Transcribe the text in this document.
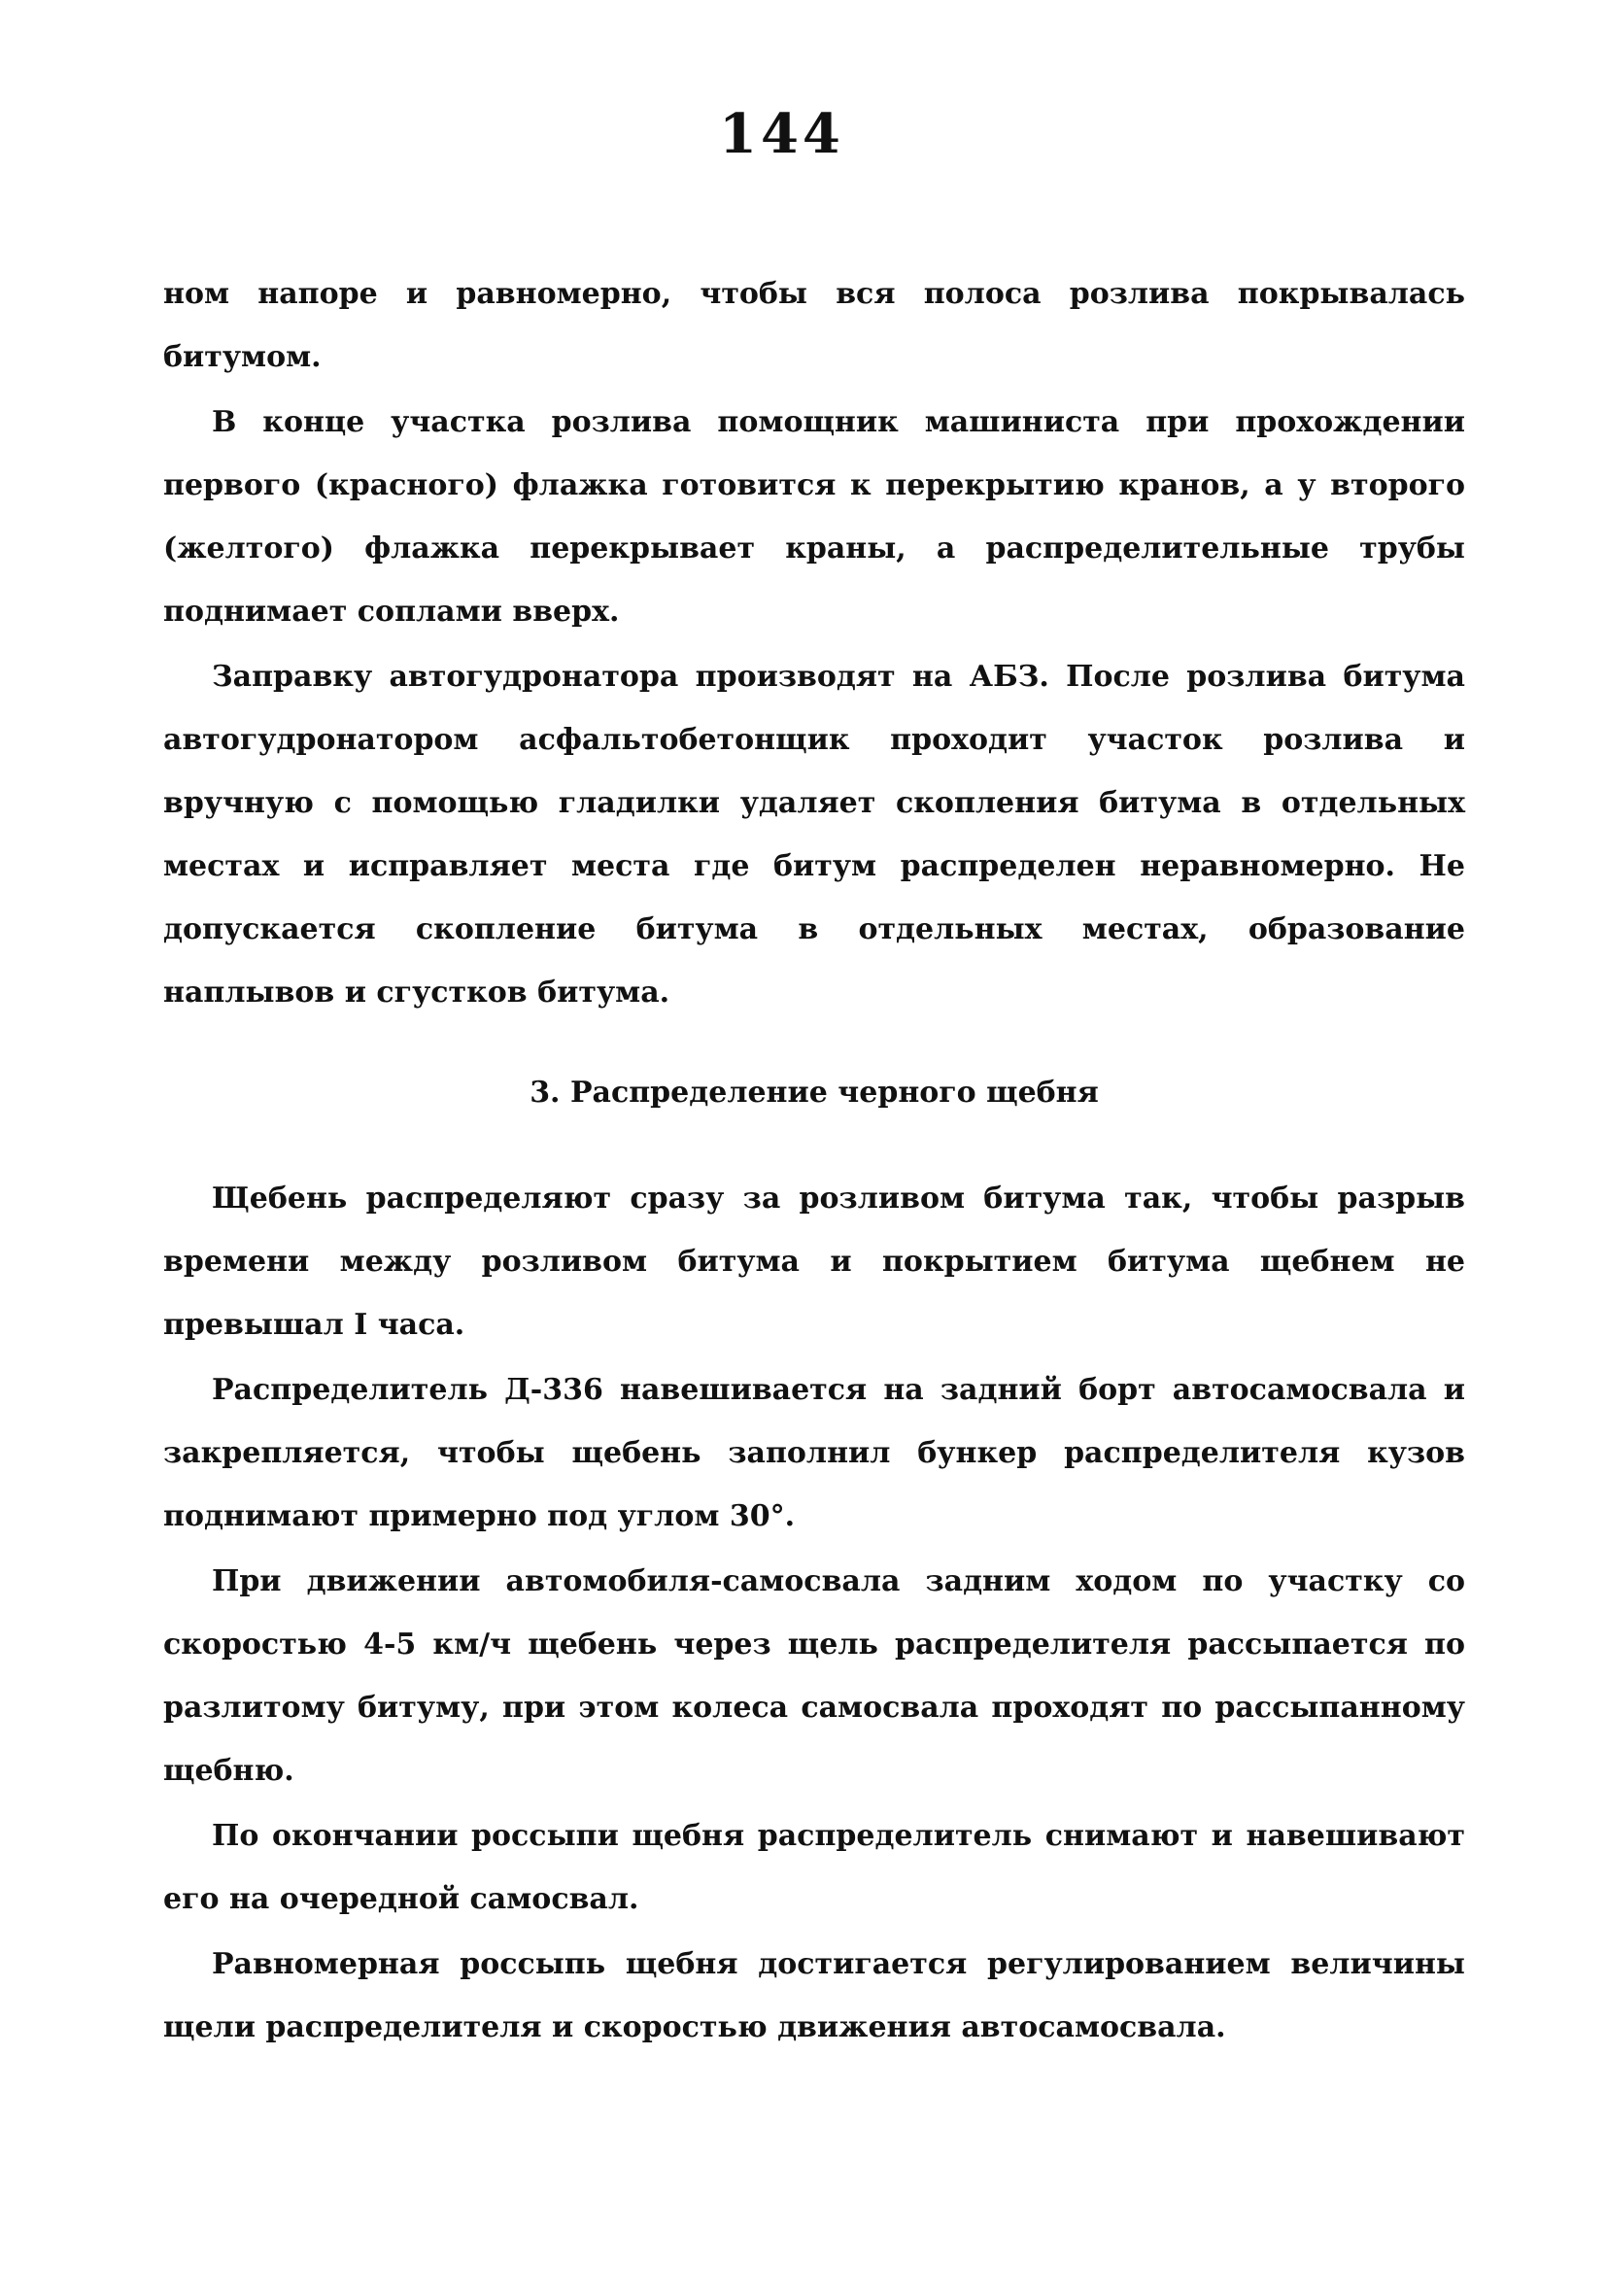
144

ном напоре и равномерно, чтобы вся полоса розлива покрывалась битумом.

В конце участка розлива помощник машиниста при прохождении первого (красного) флажка готовится к перекрытию кранов, а у второго (желтого) флажка перекрывает краны, а распределительные трубы поднимает соплами вверх.

Заправку автогудронатора производят на АБЗ. После розлива битума автогудронатором асфальтобетонщик проходит участок розлива и вручную с помощью гладилки удаляет скопления битума в отдельных местах и исправляет места где битум распределен неравномерно. Не допускается скопление битума в отдельных местах, образование наплывов и сгустков битума.

3. Распределение черного щебня

Щебень распределяют сразу за розливом битума так, чтобы разрыв времени между розливом битума и покрытием битума щебнем не превышал I часа.

Распределитель Д-336 навешивается на задний борт автосамосвала и закрепляется, чтобы щебень заполнил бункер распределителя кузов поднимают примерно под углом 30°.

При движении автомобиля-самосвала задним ходом по участку со скоростью 4-5 км/ч щебень через щель распределителя рассыпается по разлитому битуму, при этом колеса самосвала проходят по рассыпанному щебню.

По окончании россыпи щебня распределитель снимают и навешивают его на очередной самосвал.

Равномерная россыпь щебня достигается регулированием величины щели распределителя и скоростью движения автосамосвала.
